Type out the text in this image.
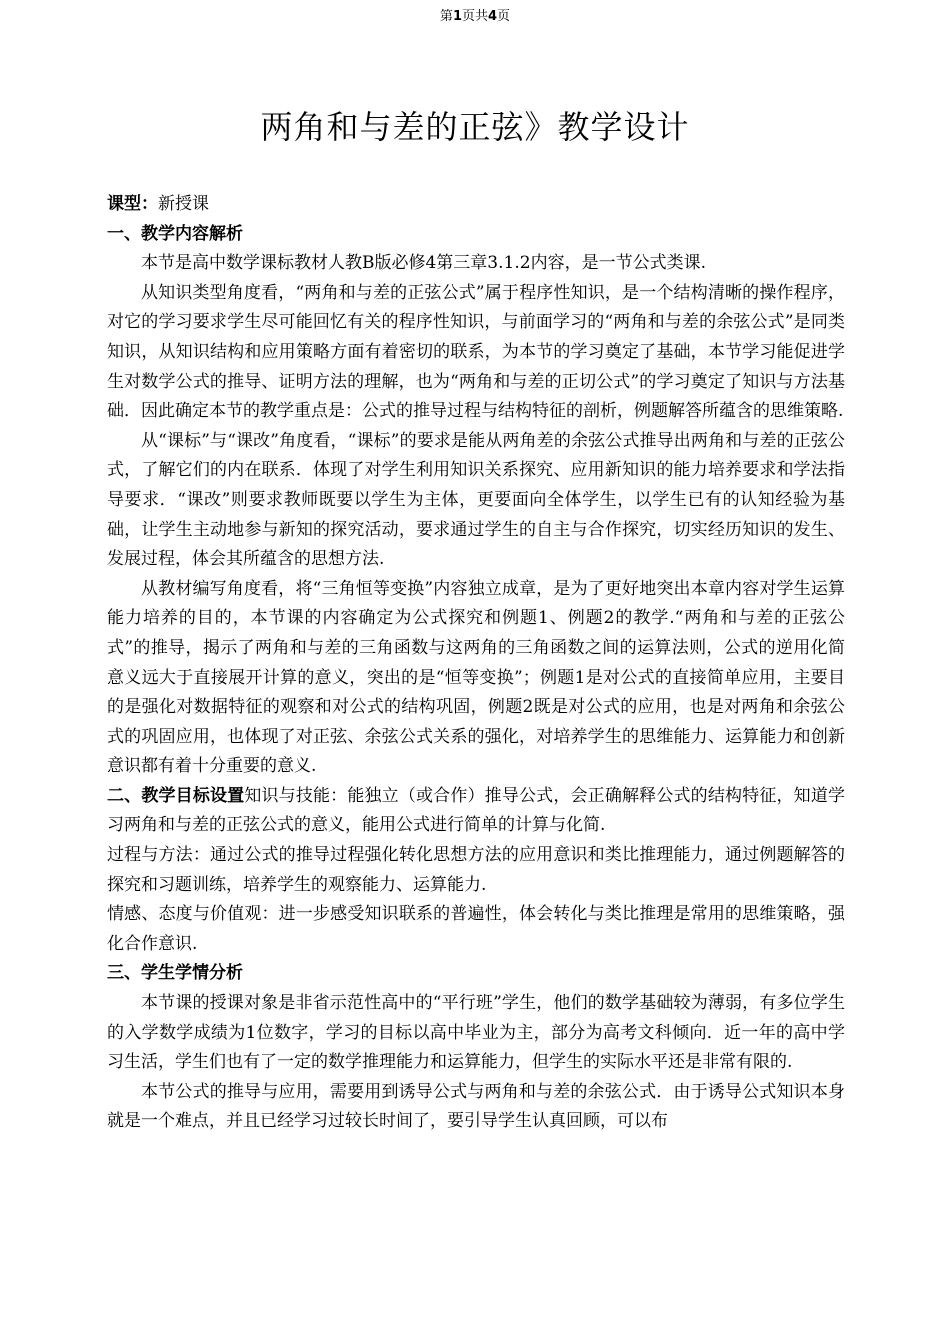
第1页共4页
两角和与差的正弦》教学设计

课型：新授课

一、教学内容解析

本节是高中数学课标教材人教B版必修4第三章3.1.2内容，是一节公式类课.

从知识类型角度看，“两角和与差的正弦公式”属于程序性知识，是一个结构清晰的操作程序，对它的学习要求学生尽可能回忆有关的程序性知识，与前面学习的“两角和与差的余弦公式”是同类知识，从知识结构和应用策略方面有着密切的联系，为本节的学习奠定了基础，本节学习能促进学生对数学公式的推导、证明方法的理解，也为“两角和与差的正切公式”的学习奠定了知识与方法基础．因此确定本节的教学重点是：公式的推导过程与结构特征的剖析，例题解答所蕴含的思维策略.

从“课标”与“课改”角度看，“课标”的要求是能从两角差的余弦公式推导出两角和与差的正弦公式，了解它们的内在联系．体现了对学生利用知识关系探究、应用新知识的能力培养要求和学法指导要求．“课改”则要求教师既要以学生为主体，更要面向全体学生，以学生已有的认知经验为基础，让学生主动地参与新知的探究活动，要求通过学生的自主与合作探究，切实经历知识的发生、发展过程，体会其所蕴含的思想方法.

从教材编写角度看，将“三角恒等变换”内容独立成章，是为了更好地突出本章内容对学生运算能力培养的目的，本节课的内容确定为公式探究和例题1、例题2的教学.“两角和与差的正弦公式”的推导，揭示了两角和与差的三角函数与这两角的三角函数之间的运算法则，公式的逆用化简意义远大于直接展开计算的意义，突出的是“恒等变换”；例题1是对公式的直接简单应用，主要目的是强化对数据特征的观察和对公式的结构巩固，例题2既是对公式的应用，也是对两角和余弦公式的巩固应用，也体现了对正弦、余弦公式关系的强化，对培养学生的思维能力、运算能力和创新意识都有着十分重要的意义.

二、教学目标设置知识与技能：能独立（或合作）推导公式，会正确解释公式的结构特征，知道学习两角和与差的正弦公式的意义，能用公式进行简单的计算与化简.

过程与方法：通过公式的推导过程强化转化思想方法的应用意识和类比推理能力，通过例题解答的探究和习题训练，培养学生的观察能力、运算能力.

情感、态度与价值观：进一步感受知识联系的普遍性，体会转化与类比推理是常用的思维策略，强化合作意识.

三、学生学情分析

本节课的授课对象是非省示范性高中的“平行班”学生，他们的数学基础较为薄弱，有多位学生的入学数学成绩为1位数字，学习的目标以高中毕业为主，部分为高考文科倾向．近一年的高中学习生活，学生们也有了一定的数学推理能力和运算能力，但学生的实际水平还是非常有限的.

本节公式的推导与应用，需要用到诱导公式与两角和与差的余弦公式．由于诱导公式知识本身就是一个难点，并且已经学习过较长时间了，要引导学生认真回顾，可以布
